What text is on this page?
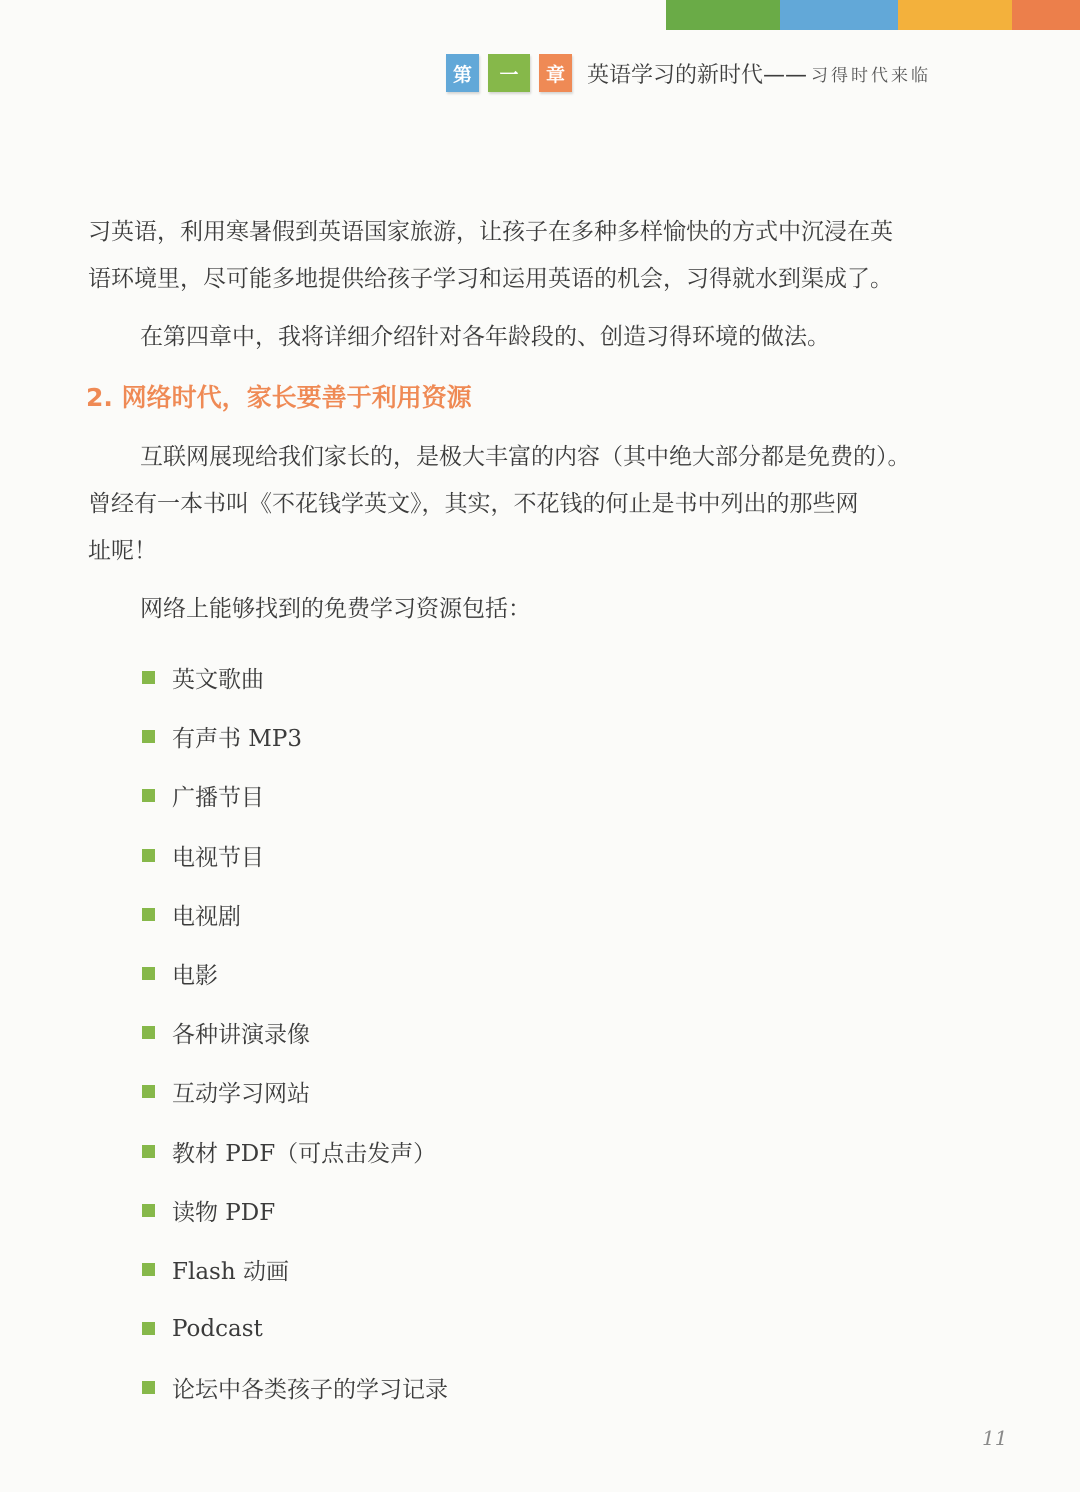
第	一	章	英语学习的新时代—— 习得时代来临

习英语，利用寒暑假到英语国家旅游，让孩子在多种多样愉快的方式中沉浸在英

语环境里，尽可能多地提供给孩子学习和运用英语的机会，习得就水到渠成了。

在第四章中，我将详细介绍针对各年龄段的、创造习得环境的做法。

2. 网络时代，家长要善于利用资源

互联网展现给我们家长的，是极大丰富的内容（其中绝大部分都是免费的）。

曾经有一本书叫《不花钱学英文》，其实，不花钱的何止是书中列出的那些网

址呢！

网络上能够找到的免费学习资源包括：

英文歌曲
有声书 MP3
广播节目
电视节目
电视剧
电影
各种讲演录像
互动学习网站
教材 PDF（可点击发声）
读物 PDF
Flash 动画
Podcast
论坛中各类孩子的学习记录
11
